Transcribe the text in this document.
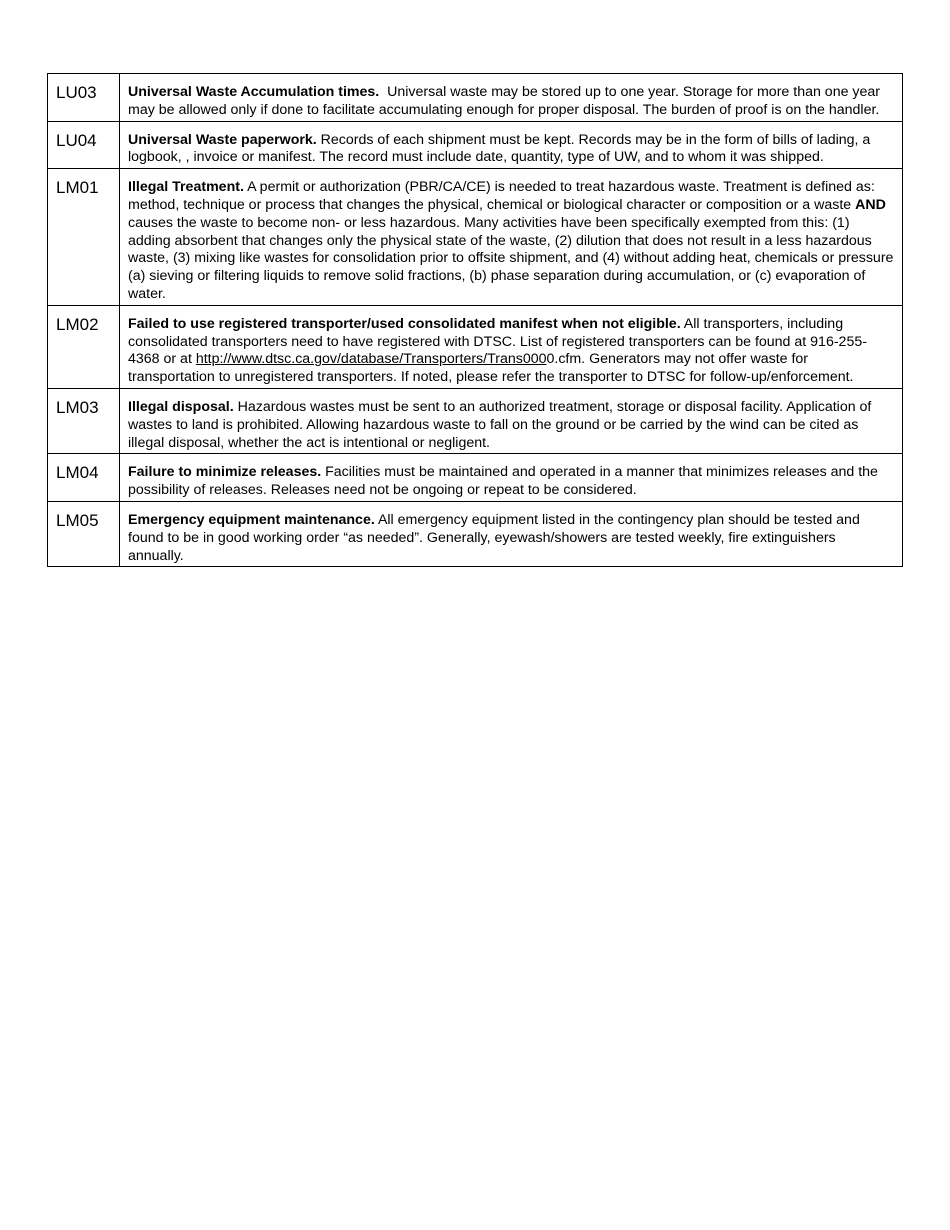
LU03	Universal Waste Accumulation times.  Universal waste may be stored up to one year. Storage for more than one year may be allowed only if done to facilitate accumulating enough for proper disposal. The burden of proof is on the handler.
LU04	Universal Waste paperwork. Records of each shipment must be kept. Records may be in the form of bills of lading, a logbook, , invoice or manifest. The record must include date, quantity, type of UW, and to whom it was shipped.
LM01	Illegal Treatment. A permit or authorization (PBR/CA/CE) is needed to treat hazardous waste. Treatment is defined as: method, technique or process that changes the physical, chemical or biological character or composition or a waste AND causes the waste to become non- or less hazardous. Many activities have been specifically exempted from this: (1) adding absorbent that changes only the physical state of the waste, (2) dilution that does not result in a less hazardous waste, (3) mixing like wastes for consolidation prior to offsite shipment, and (4) without adding heat, chemicals or pressure (a) sieving or filtering liquids to remove solid fractions, (b) phase separation during accumulation, or (c) evaporation of water.
LM02	Failed to use registered transporter/used consolidated manifest when not eligible. All transporters, including consolidated transporters need to have registered with DTSC. List of registered transporters can be found at 916-255-4368 or at http://www.dtsc.ca.gov/database/Transporters/Trans0000.cfm. Generators may not offer waste for transportation to unregistered transporters. If noted, please refer the transporter to DTSC for follow-up/enforcement.
LM03	Illegal disposal. Hazardous wastes must be sent to an authorized treatment, storage or disposal facility. Application of wastes to land is prohibited. Allowing hazardous waste to fall on the ground or be carried by the wind can be cited as illegal disposal, whether the act is intentional or negligent.
LM04	Failure to minimize releases. Facilities must be maintained and operated in a manner that minimizes releases and the possibility of releases. Releases need not be ongoing or repeat to be considered.
LM05	Emergency equipment maintenance. All emergency equipment listed in the contingency plan should be tested and found to be in good working order “as needed”. Generally, eyewash/showers are tested weekly, fire extinguishers annually.
